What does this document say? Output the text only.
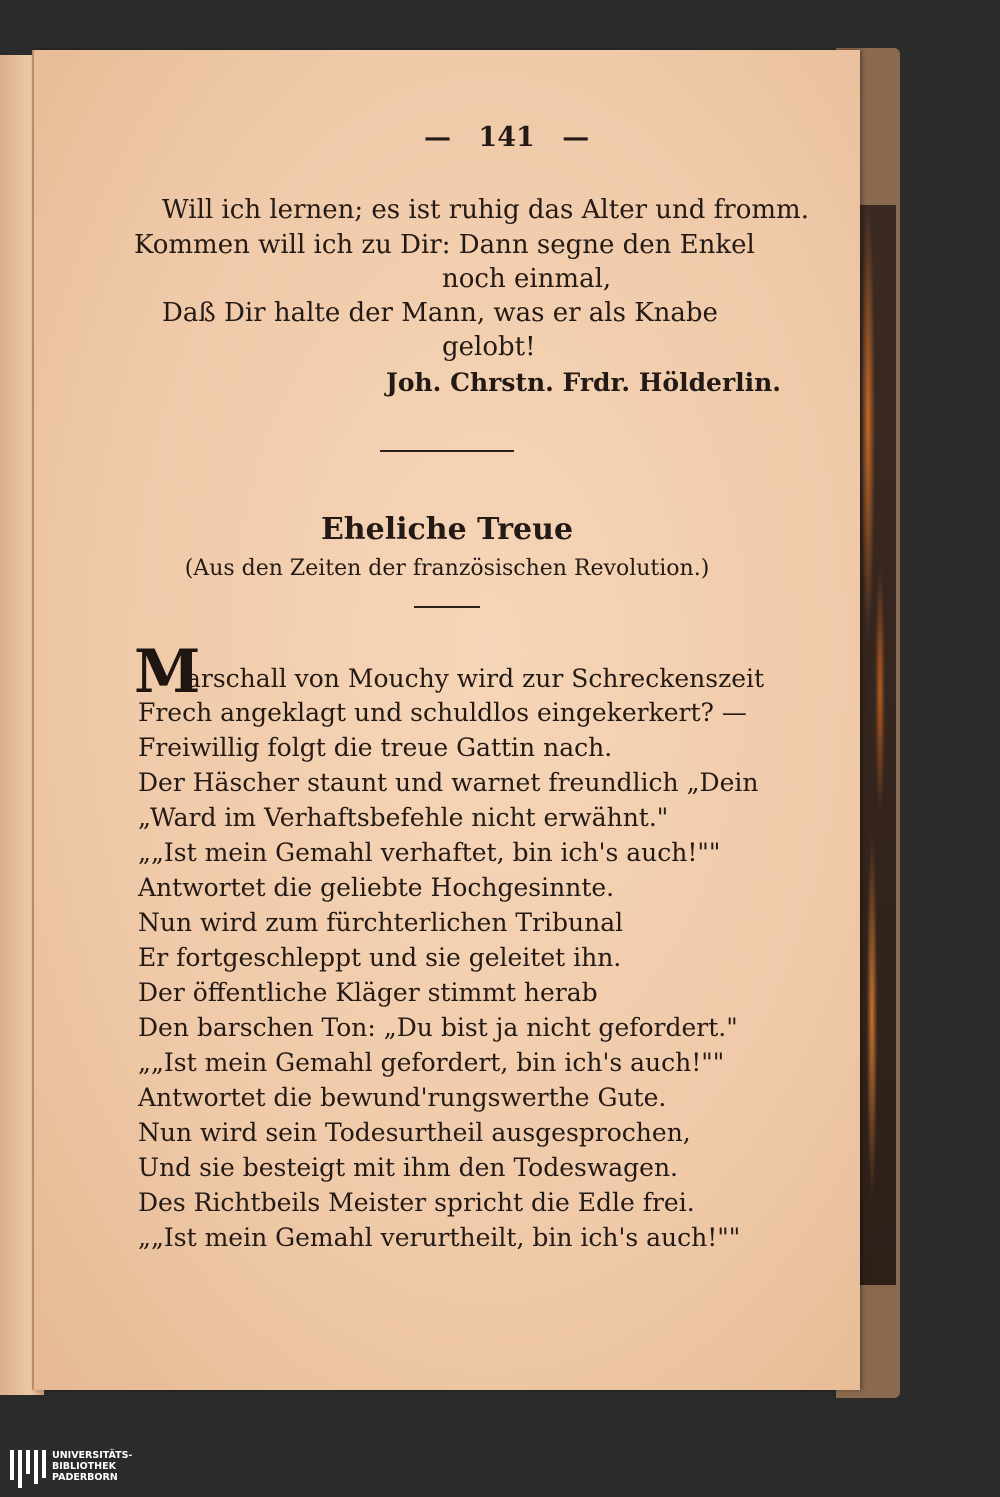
— 141 —
Will ich lernen; es ist ruhig das Alter und fromm.
Kommen will ich zu Dir: Dann segne den Enkel
noch einmal,
Daß Dir halte der Mann, was er als Knabe
gelobt!
Joh. Chrstn. Frdr. Hölderlin.
Eheliche Treue
(Aus den Zeiten der französischen Revolution.)
M
arschall von Mouchy wird zur Schreckenszeit
Frech angeklagt und schuldlos eingekerkert? —
Freiwillig folgt die treue Gattin nach.
Der Häscher staunt und warnet freundlich „Dein
„Ward im Verhaftsbefehle nicht erwähnt."
„„Ist mein Gemahl verhaftet, bin ich's auch!""
Antwortet die geliebte Hochgesinnte.
Nun wird zum fürchterlichen Tribunal
Er fortgeschleppt und sie geleitet ihn.
Der öffentliche Kläger stimmt herab
Den barschen Ton: „Du bist ja nicht gefordert."
„„Ist mein Gemahl gefordert, bin ich's auch!""
Antwortet die bewund'rungswerthe Gute.
Nun wird sein Todesurtheil ausgesprochen,
Und sie besteigt mit ihm den Todeswagen.
Des Richtbeils Meister spricht die Edle frei.
„„Ist mein Gemahl verurtheilt, bin ich's auch!""
UNIVERSITÄTS-
BIBLIOTHEK
PADERBORN
